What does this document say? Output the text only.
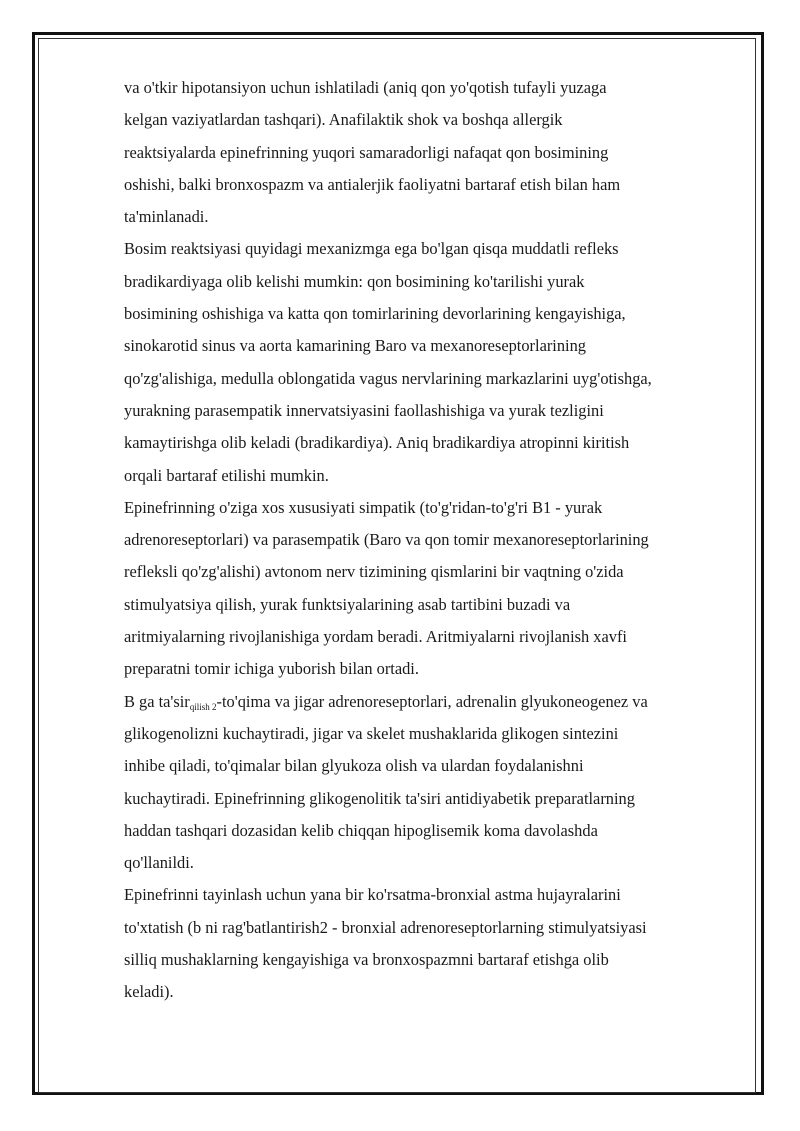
va o'tkir hipotansiyon uchun ishlatiladi (aniq qon yo'qotish tufayli yuzaga
kelgan vaziyatlardan tashqari). Anafilaktik shok va boshqa allergik
reaktsiyalarda epinefrinning yuqori samaradorligi nafaqat qon bosimining
oshishi, balki bronxospazm va antialerjik faoliyatni bartaraf etish bilan ham
ta'minlanadi.
Bosim reaktsiyasi quyidagi mexanizmga ega bo'lgan qisqa muddatli refleks
bradikardiyaga olib kelishi mumkin: qon bosimining ko'tarilishi yurak
bosimining oshishiga va katta qon tomirlarining devorlarining kengayishiga,
sinokarotid sinus va aorta kamarining Baro va mexanoreseptorlarining
qo'zg'alishiga, medulla oblongatida vagus nervlarining markazlarini uyg'otishga,
yurakning parasempatik innervatsiyasini faollashishiga va yurak tezligini
kamaytirishga olib keladi (bradikardiya). Aniq bradikardiya atropinni kiritish
orqali bartaraf etilishi mumkin.
Epinefrinning o'ziga xos xususiyati simpatik (to'g'ridan-to'g'ri B1 - yurak
adrenoreseptorlari) va parasempatik (Baro va qon tomir mexanoreseptorlarining
refleksli qo'zg'alishi) avtonom nerv tizimining qismlarini bir vaqtning o'zida
stimulyatsiya qilish, yurak funktsiyalarining asab tartibini buzadi va
aritmiyalarning rivojlanishiga yordam beradi. Aritmiyalarni rivojlanish xavfi
preparatni tomir ichiga yuborish bilan ortadi.
B ga ta'sirqilish 2-to'qima va jigar adrenoreseptorlari, adrenalin glyukoneogenez va
glikogenolizni kuchaytiradi, jigar va skelet mushaklarida glikogen sintezini
inhibe qiladi, to'qimalar bilan glyukoza olish va ulardan foydalanishni
kuchaytiradi. Epinefrinning glikogenolitik ta'siri antidiyabetik preparatlarning
haddan tashqari dozasidan kelib chiqqan hipoglisemik koma davolashda
qo'llanildi.
Epinefrinni tayinlash uchun yana bir ko'rsatma-bronxial astma hujayralarini
to'xtatish (b ni rag'batlantirish2 - bronxial adrenoreseptorlarning stimulyatsiyasi
silliq mushaklarning kengayishiga va bronxospazmni bartaraf etishga olib
keladi).
